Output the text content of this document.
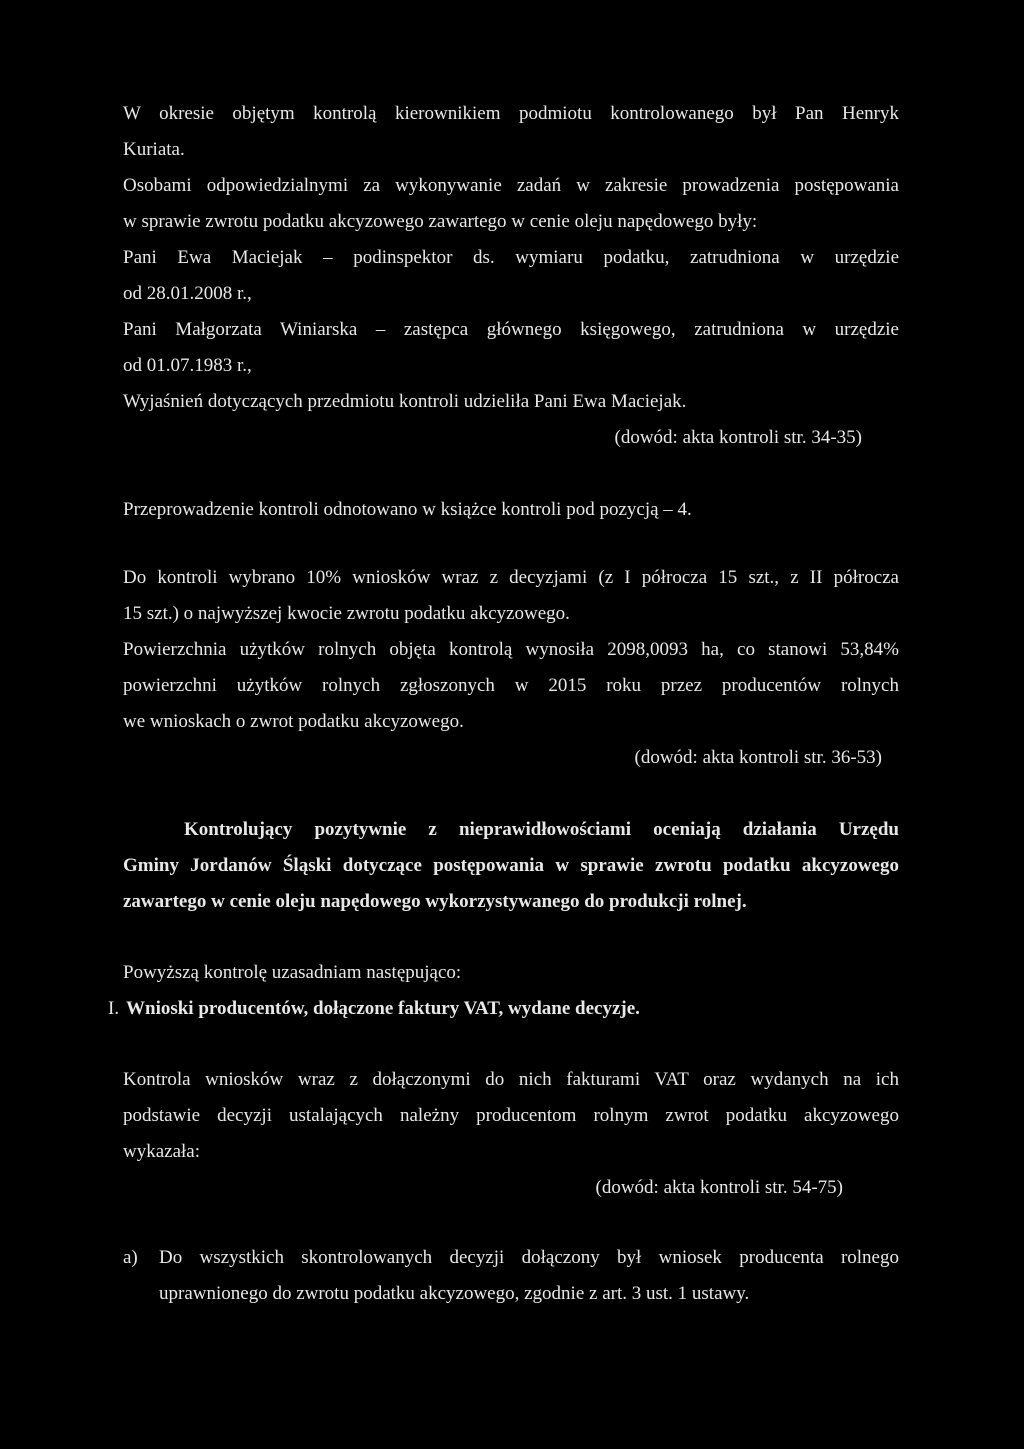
W okresie objętym kontrolą kierownikiem podmiotu kontrolowanego był Pan Henryk
Kuriata.
Osobami odpowiedzialnymi za wykonywanie zadań w zakresie prowadzenia postępowania
w sprawie zwrotu podatku akcyzowego zawartego w cenie oleju napędowego były:
Pani Ewa Maciejak – podinspektor ds. wymiaru podatku, zatrudniona w urzędzie
od 28.01.2008 r.,
Pani Małgorzata Winiarska – zastępca głównego księgowego, zatrudniona w urzędzie
od 01.07.1983 r.,
Wyjaśnień dotyczących przedmiotu kontroli udzieliła Pani Ewa Maciejak.
(dowód: akta kontroli str. 34-35)
Przeprowadzenie kontroli odnotowano w książce kontroli pod pozycją – 4.
Do kontroli wybrano 10% wniosków wraz z decyzjami (z I półrocza 15 szt., z II półrocza
15 szt.) o najwyższej kwocie zwrotu podatku akcyzowego.
Powierzchnia użytków rolnych objęta kontrolą wynosiła 2098,0093 ha, co stanowi 53,84%
powierzchni użytków rolnych zgłoszonych w 2015 roku przez producentów rolnych
we wnioskach o zwrot podatku akcyzowego.
(dowód: akta kontroli str. 36-53)
Kontrolujący pozytywnie z nieprawidłowościami oceniają działania Urzędu
Gminy Jordanów Śląski dotyczące postępowania w sprawie zwrotu podatku akcyzowego
zawartego w cenie oleju napędowego wykorzystywanego do produkcji rolnej.
Powyższą kontrolę uzasadniam następująco:
I. Wnioski producentów, dołączone faktury VAT, wydane decyzje.
Kontrola wniosków wraz z dołączonymi do nich fakturami VAT oraz wydanych na ich
podstawie decyzji ustalających należny producentom rolnym zwrot podatku akcyzowego
wykazała:
(dowód: akta kontroli str. 54-75)
a) Do wszystkich skontrolowanych decyzji dołączony był wniosek producenta rolnego
uprawnionego do zwrotu podatku akcyzowego, zgodnie z art. 3 ust. 1 ustawy.
